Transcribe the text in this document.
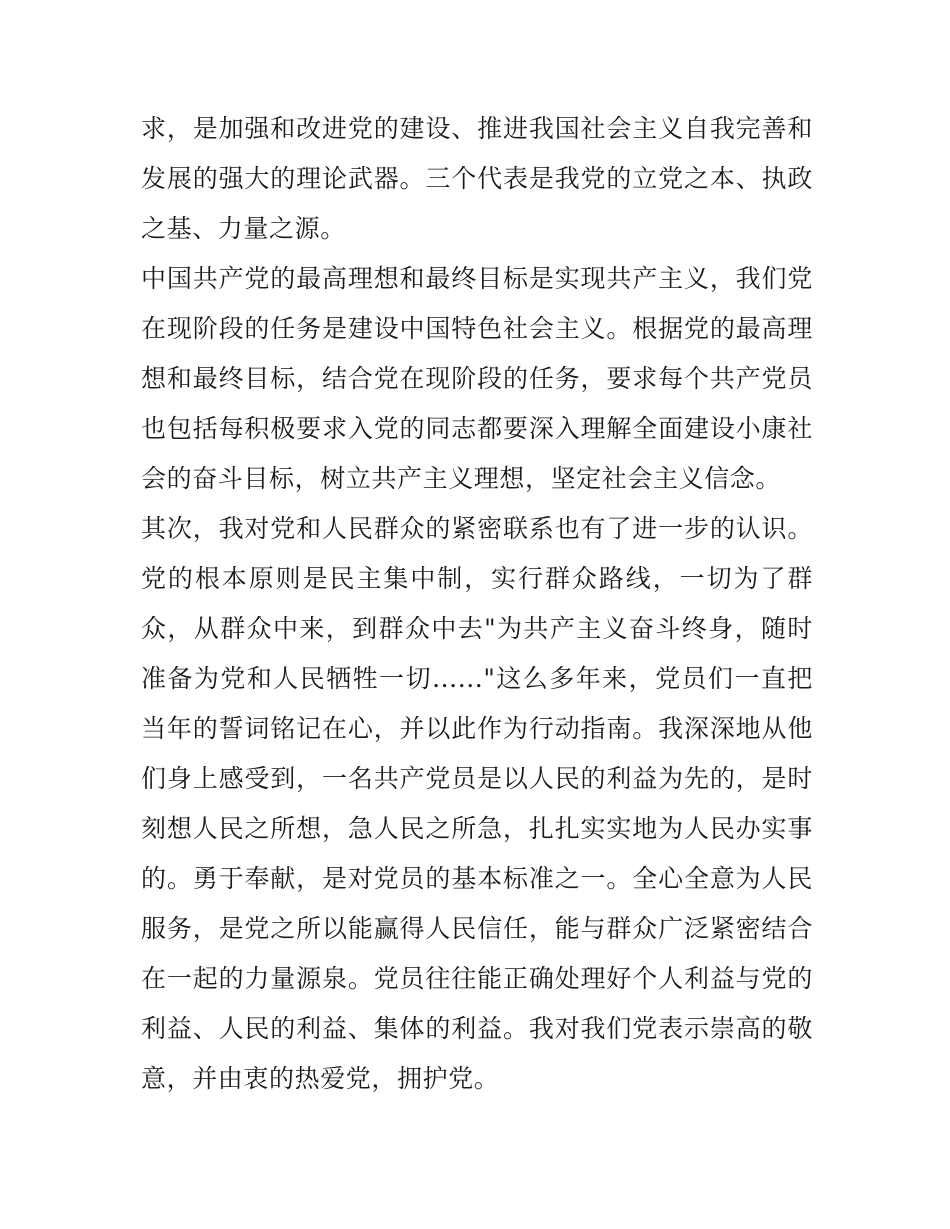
求，是加强和改进党的建设、推进我国社会主义自我完善和发展的强大的理论武器。三个代表是我党的立党之本、执政之基、力量之源。

中国共产党的最高理想和最终目标是实现共产主义，我们党在现阶段的任务是建设中国特色社会主义。根据党的最高理想和最终目标，结合党在现阶段的任务，要求每个共产党员也包括每积极要求入党的同志都要深入理解全面建设小康社会的奋斗目标，树立共产主义理想，坚定社会主义信念。

其次，我对党和人民群众的紧密联系也有了进一步的认识。党的根本原则是民主集中制，实行群众路线，一切为了群众，从群众中来，到群众中去"为共产主义奋斗终身，随时准备为党和人民牺牲一切......"这么多年来，党员们一直把当年的誓词铭记在心，并以此作为行动指南。我深深地从他们身上感受到，一名共产党员是以人民的利益为先的，是时刻想人民之所想，急人民之所急，扎扎实实地为人民办实事的。勇于奉献，是对党员的基本标准之一。全心全意为人民服务，是党之所以能赢得人民信任，能与群众广泛紧密结合在一起的力量源泉。党员往往能正确处理好个人利益与党的利益、人民的利益、集体的利益。我对我们党表示崇高的敬意，并由衷的热爱党，拥护党。
